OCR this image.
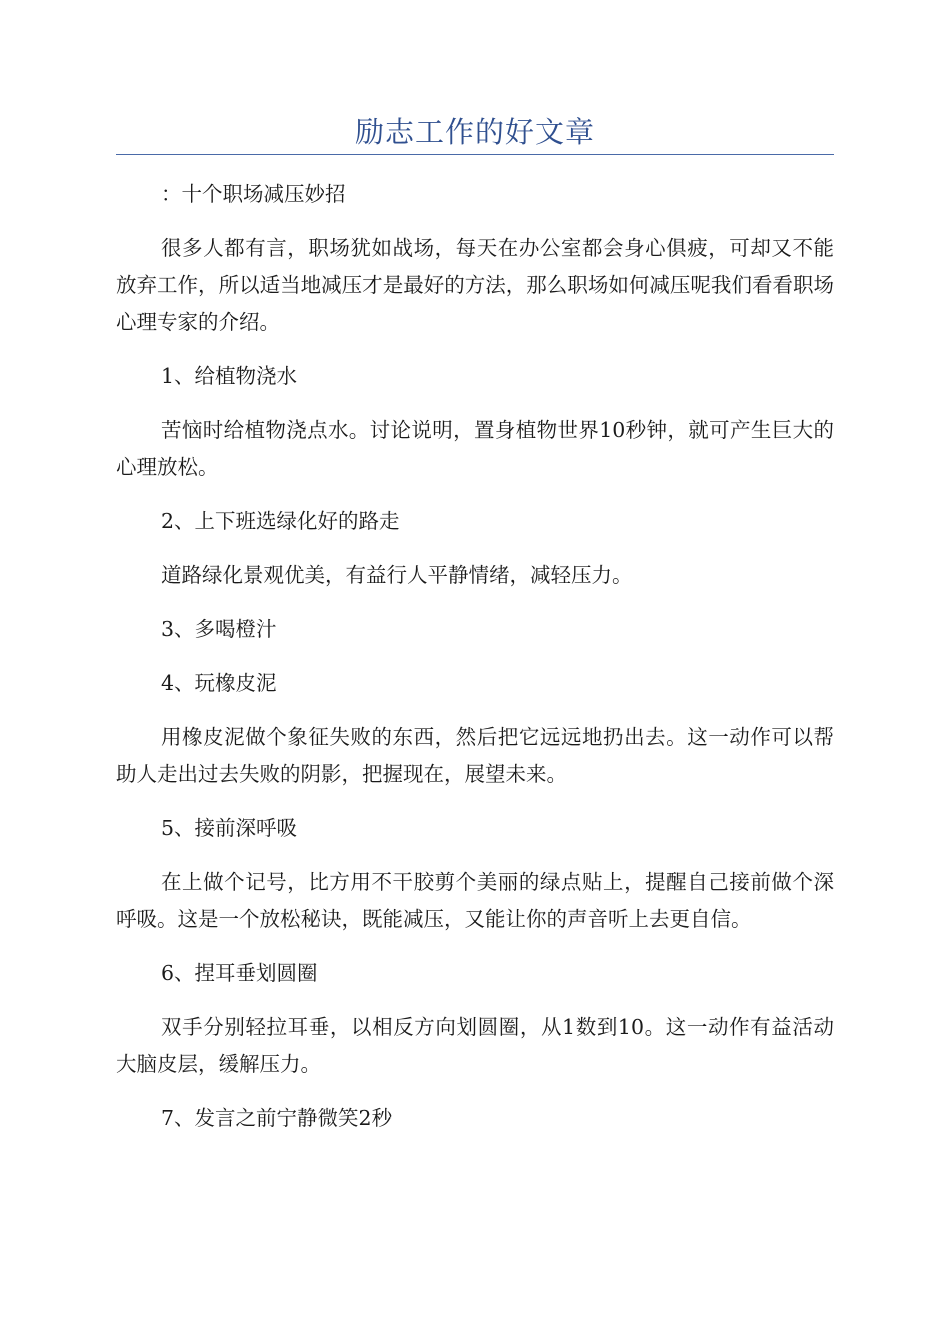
励志工作的好文章

：十个职场减压妙招

很多人都有言，职场犹如战场，每天在办公室都会身心俱疲，可却又不能放弃工作，所以适当地减压才是最好的方法，那么职场如何减压呢我们看看职场心理专家的介绍。

1、给植物浇水

苦恼时给植物浇点水。讨论说明，置身植物世界10秒钟，就可产生巨大的心理放松。

2、上下班选绿化好的路走

道路绿化景观优美，有益行人平静情绪，减轻压力。

3、多喝橙汁

4、玩橡皮泥

用橡皮泥做个象征失败的东西，然后把它远远地扔出去。这一动作可以帮助人走出过去失败的阴影，把握现在，展望未来。

5、接前深呼吸

在上做个记号，比方用不干胶剪个美丽的绿点贴上，提醒自己接前做个深呼吸。这是一个放松秘诀，既能减压，又能让你的声音听上去更自信。

6、捏耳垂划圆圈

双手分别轻拉耳垂，以相反方向划圆圈，从1数到10。这一动作有益活动大脑皮层，缓解压力。

7、发言之前宁静微笑2秒
